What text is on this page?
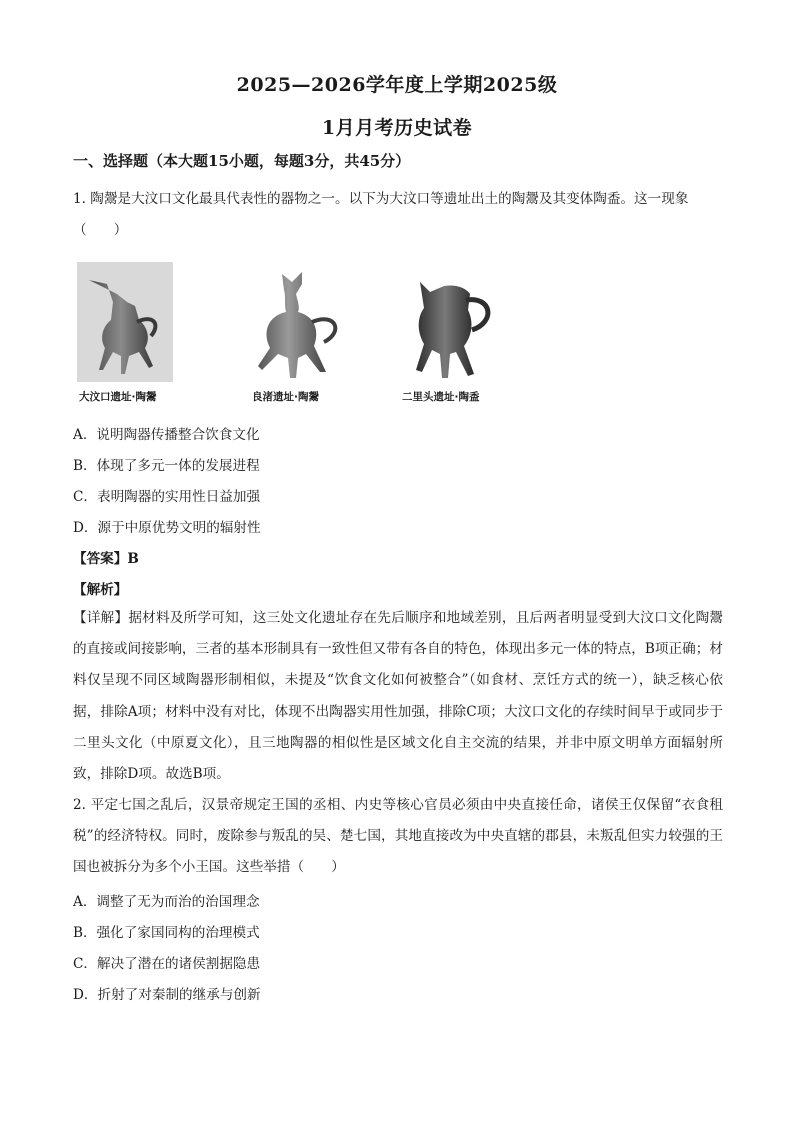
2025—2026学年度上学期2025级
1月月考历史试卷
一、选择题（本大题15小题，每题3分，共45分）
1. 陶鬶是大汶口文化最具代表性的器物之一。以下为大汶口等遗址出土的陶鬶及其变体陶盉。这一现象
（　　）
大汶口遗址·陶鬶	良渚遗址·陶鬶	二里头遗址·陶盉
A．说明陶器传播整合饮食文化
B．体现了多元一体的发展进程
C．表明陶器的实用性日益加强
D．源于中原优势文明的辐射性
【答案】B
【解析】
【详解】据材料及所学可知，这三处文化遗址存在先后顺序和地域差别，且后两者明显受到大汶口文化陶鬶的直接或间接影响，三者的基本形制具有一致性但又带有各自的特色，体现出多元一体的特点，B项正确；材料仅呈现不同区域陶器形制相似，未提及“饮食文化如何被整合”（如食材、烹饪方式的统一），缺乏核心依据，排除A项；材料中没有对比，体现不出陶器实用性加强，排除C项；大汶口文化的存续时间早于或同步于二里头文化（中原夏文化），且三地陶器的相似性是区域文化自主交流的结果，并非中原文明单方面辐射所致，排除D项。故选B项。
2. 平定七国之乱后，汉景帝规定王国的丞相、内史等核心官员必须由中央直接任命，诸侯王仅保留“衣食租税”的经济特权。同时，废除参与叛乱的吴、楚七国，其地直接改为中央直辖的郡县，未叛乱但实力较强的王国也被拆分为多个小王国。这些举措（　　）
A．调整了无为而治的治国理念
B．强化了家国同构的治理模式
C．解决了潜在的诸侯割据隐患
D．折射了对秦制的继承与创新
